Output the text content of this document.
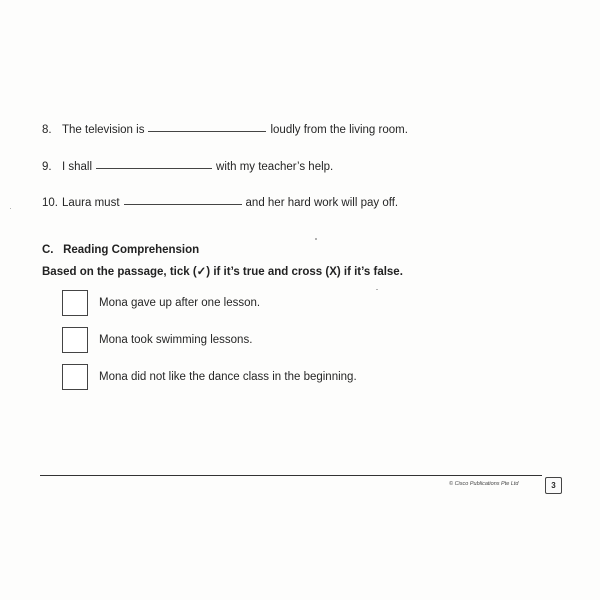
8. The television is	loudly from the living room.
9. I shall	with my teacher’s help.
10. Laura must	and her hard work will pay off.
C.   Reading Comprehension
Based on the passage, tick (✓) if it’s true and cross (X) if it’s false.
Mona gave up after one lesson.
Mona took swimming lessons.
Mona did not like the dance class in the beginning.
© Cisco Publications Pte Ltd	3
